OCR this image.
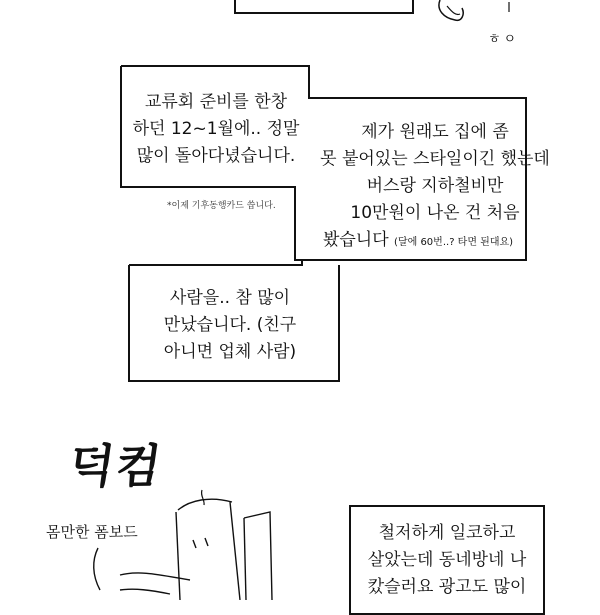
ㅎㅇ
교류회 준비를 한창
하던 12~1월에.. 정말
많이 돌아다녔습니다.
*이제 기후동행카드 씁니다.
제가 원래도 집에 좀
못 붙어있는 스타일이긴 했는데
버스랑 지하철비만
10만원이 나온 건 처음
봤습니다 (달에 60번..? 타면 된대요)
사람을.. 참 많이
만났습니다. (친구
아니면 업체 사람)
덕컴
몸만한 폼보드	철저하게 일코하고
살았는데 동네방네 나
캈슬러요 광고도 많이
